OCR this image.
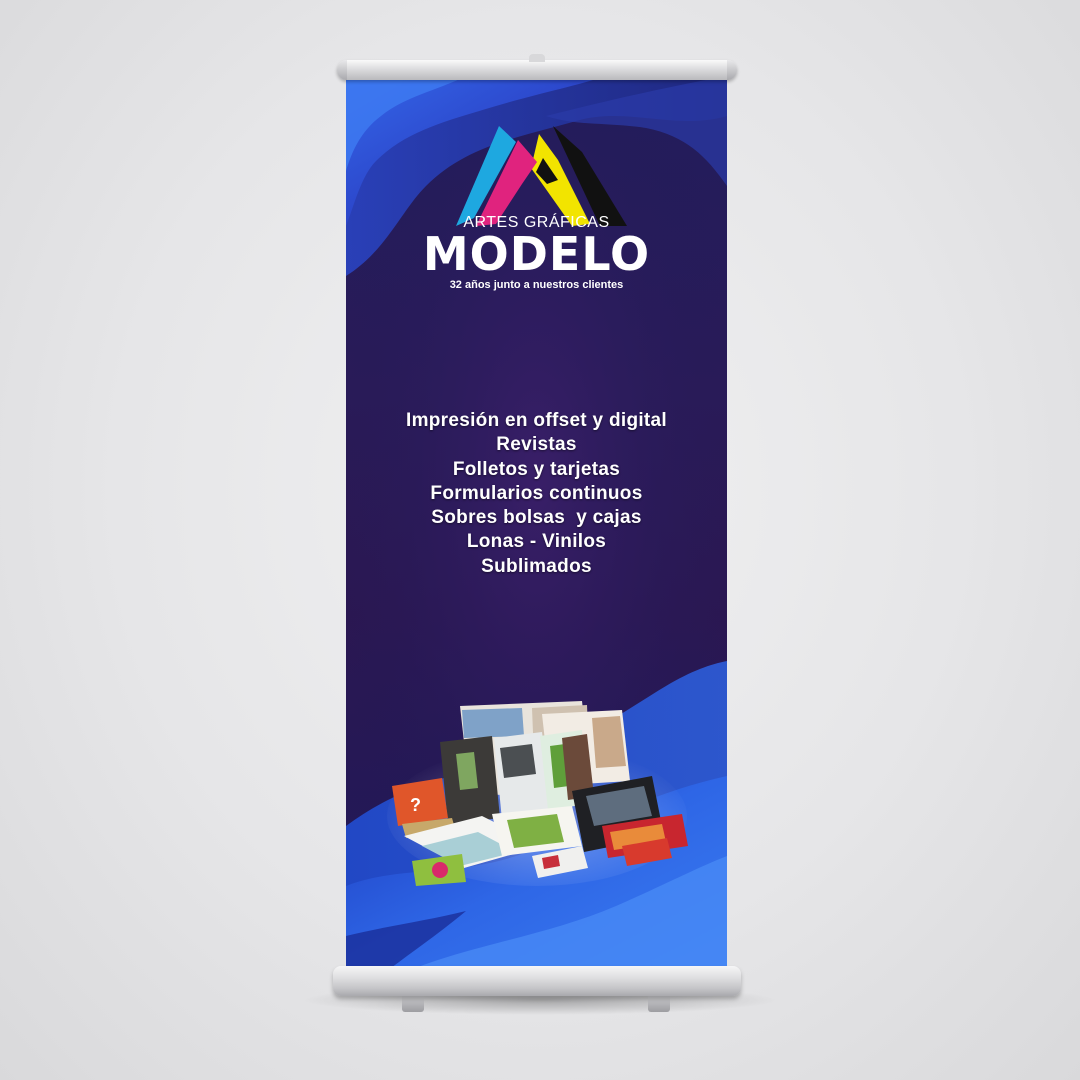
ARTES GRÁFICAS
MODELO
32 años junto a nuestros clientes
Impresión en offset y digital
Revistas
Folletos y tarjetas
Formularios continuos
Sobres bolsas  y cajas
Lonas - Vinilos
Sublimados
?
